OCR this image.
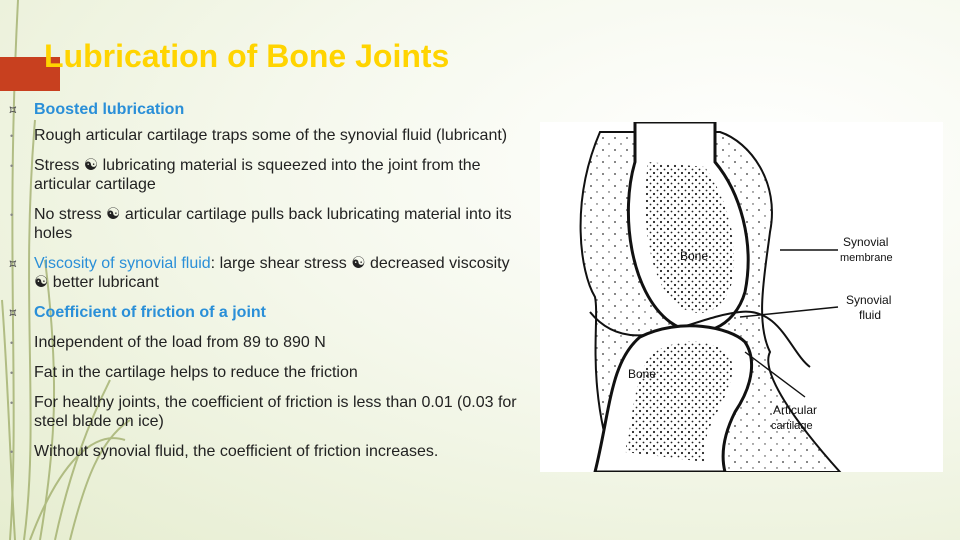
Lubrication of Bone Joints
⯏ Boosted lubrication
• Rough articular cartilage traps some of the synovial fluid (lubricant)
• Stress ☯ lubricating material is squeezed into the joint from the articular cartilage
• No stress ☯ articular cartilage pulls back lubricating material into its holes
⯏ Viscosity of synovial fluid: large shear stress ☯ decreased viscosity ☯ better lubricant
⯏ Coefficient of friction of a joint
• Independent of the load from 89 to 890 N
• Fat in the cartilage helps to reduce the friction
• For healthy joints, the coefficient of friction is less than 0.01 (0.03 for steel blade on ice)
• Without synovial fluid, the coefficient of friction increases.
Bone
Bone
Synovial
membrane
Synovial
fluid
Articular
cartilage
